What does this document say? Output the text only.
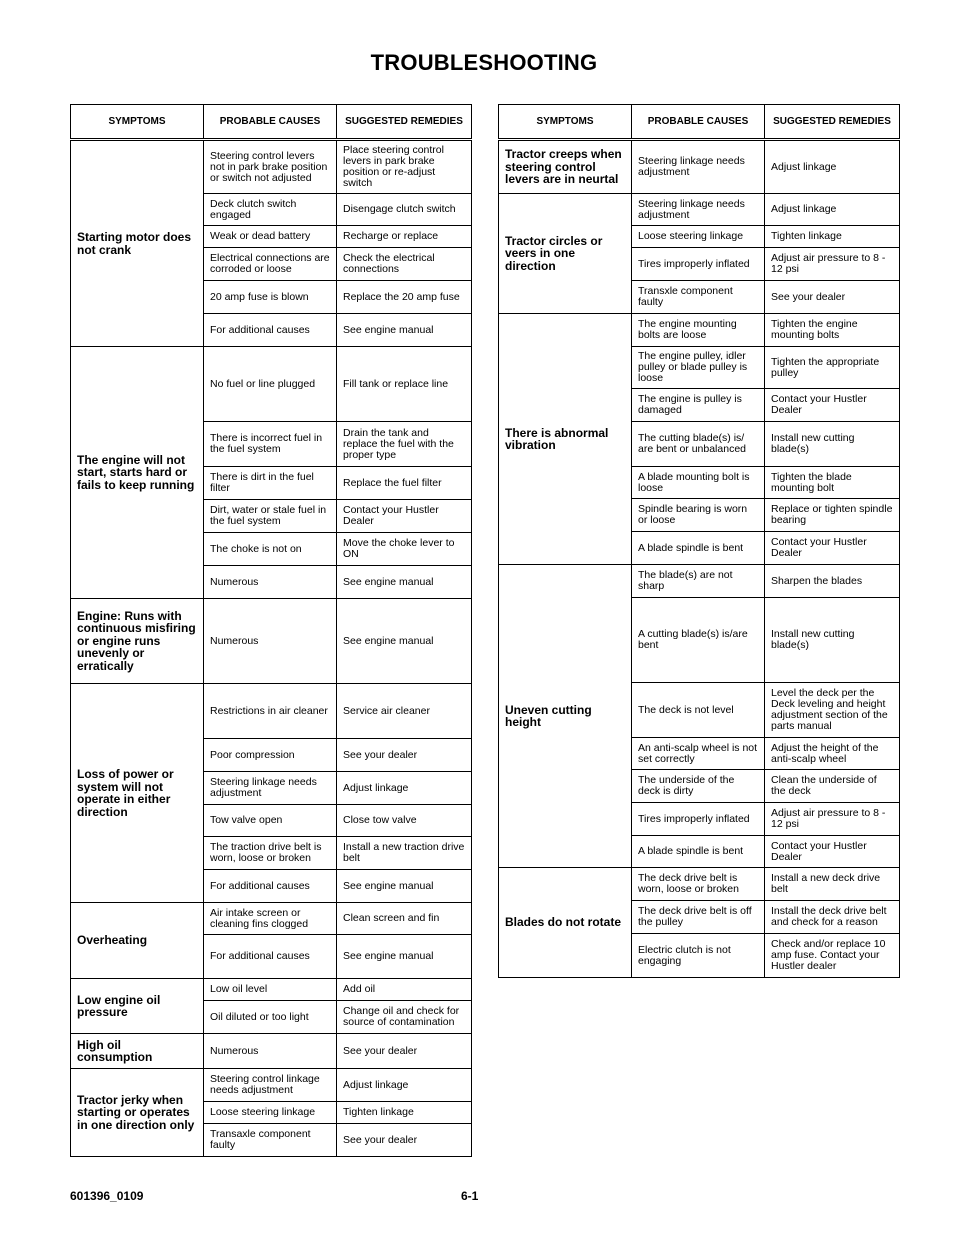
TROUBLESHOOTING
SYMPTOMS	PROBABLE CAUSES	SUGGESTED REMEDIES
Starting motor does not crank	Steering control levers not in park brake position or switch not adjusted	Place steering control levers in park brake position or re-adjust switch
	Deck clutch switch engaged	Disengage clutch switch
	Weak or dead battery	Recharge or replace
	Electrical connections are corroded or loose	Check the electrical connections
	20 amp fuse is blown	Replace the 20 amp fuse
	For additional causes	See engine manual
The engine will not start, starts hard or fails to keep running	No fuel or line plugged	Fill tank or replace line
	There is incorrect fuel in the fuel system	Drain the tank and replace the fuel with the proper type
	There is dirt in the fuel filter	Replace the fuel filter
	Dirt, water or stale fuel in the fuel system	Contact your Hustler Dealer
	The choke is not on	Move the choke lever to ON
	Numerous	See engine manual
Engine: Runs with continuous misfiring or engine runs unevenly or erratically	Numerous	See engine manual
Loss of power or system will not operate in either direction	Restrictions in air cleaner	Service air cleaner
	Poor compression	See your dealer
	Steering linkage needs adjustment	Adjust linkage
	Tow valve open	Close tow valve
	The traction drive belt is worn, loose or broken	Install a new traction drive belt
	For additional causes	See engine manual
Overheating	Air intake screen or cleaning fins clogged	Clean screen and fin
	For additional causes	See engine manual
Low engine oil pressure	Low oil level	Add oil
	Oil diluted or too light	Change oil and check for source of contamination
High oil consumption	Numerous	See your dealer
Tractor jerky when starting or operates in one direction only	Steering control linkage needs adjustment	Adjust linkage
	Loose steering linkage	Tighten linkage
	Transaxle component faulty	See your dealer
SYMPTOMS	PROBABLE CAUSES	SUGGESTED REMEDIES
Tractor creeps when steering control levers are in neurtal	Steering linkage needs adjustment	Adjust linkage
Tractor circles or veers in one direction	Steering linkage needs adjustment	Adjust linkage
	Loose steering linkage	Tighten linkage
	Tires improperly inflated	Adjust air pressure to 8 - 12 psi
	Transxle component faulty	See your dealer
There is abnormal vibration	The engine mounting bolts are loose	Tighten the engine mounting bolts
	The engine pulley, idler pulley or blade pulley is loose	Tighten the appropriate pulley
	The engine is pulley is damaged	Contact your Hustler Dealer
	The cutting blade(s) is/ are bent or unbalanced	Install new cutting blade(s)
	A blade mounting bolt is loose	Tighten the blade mounting bolt
	Spindle bearing is worn or loose	Replace or tighten spindle bearing
	A blade spindle is bent	Contact your Hustler Dealer
Uneven cutting height	The blade(s) are not sharp	Sharpen the blades
	A cutting blade(s) is/are bent	Install new cutting blade(s)
	The deck is not level	Level the deck per the Deck leveling and height adjustment section of the parts manual
	An anti-scalp wheel is not set correctly	Adjust the height of the anti-scalp wheel
	The underside of the deck is dirty	Clean the underside of the deck
	Tires improperly inflated	Adjust air pressure to 8 - 12 psi
	A blade spindle is bent	Contact your Hustler Dealer
Blades do not rotate	The deck drive belt is worn, loose or broken	Install a new deck drive belt
	The deck drive belt is off the pulley	Install the deck drive belt and check for a reason
	Electric clutch is not engaging	Check and/or replace 10 amp fuse. Contact your Hustler dealer
601396_0109	6-1
